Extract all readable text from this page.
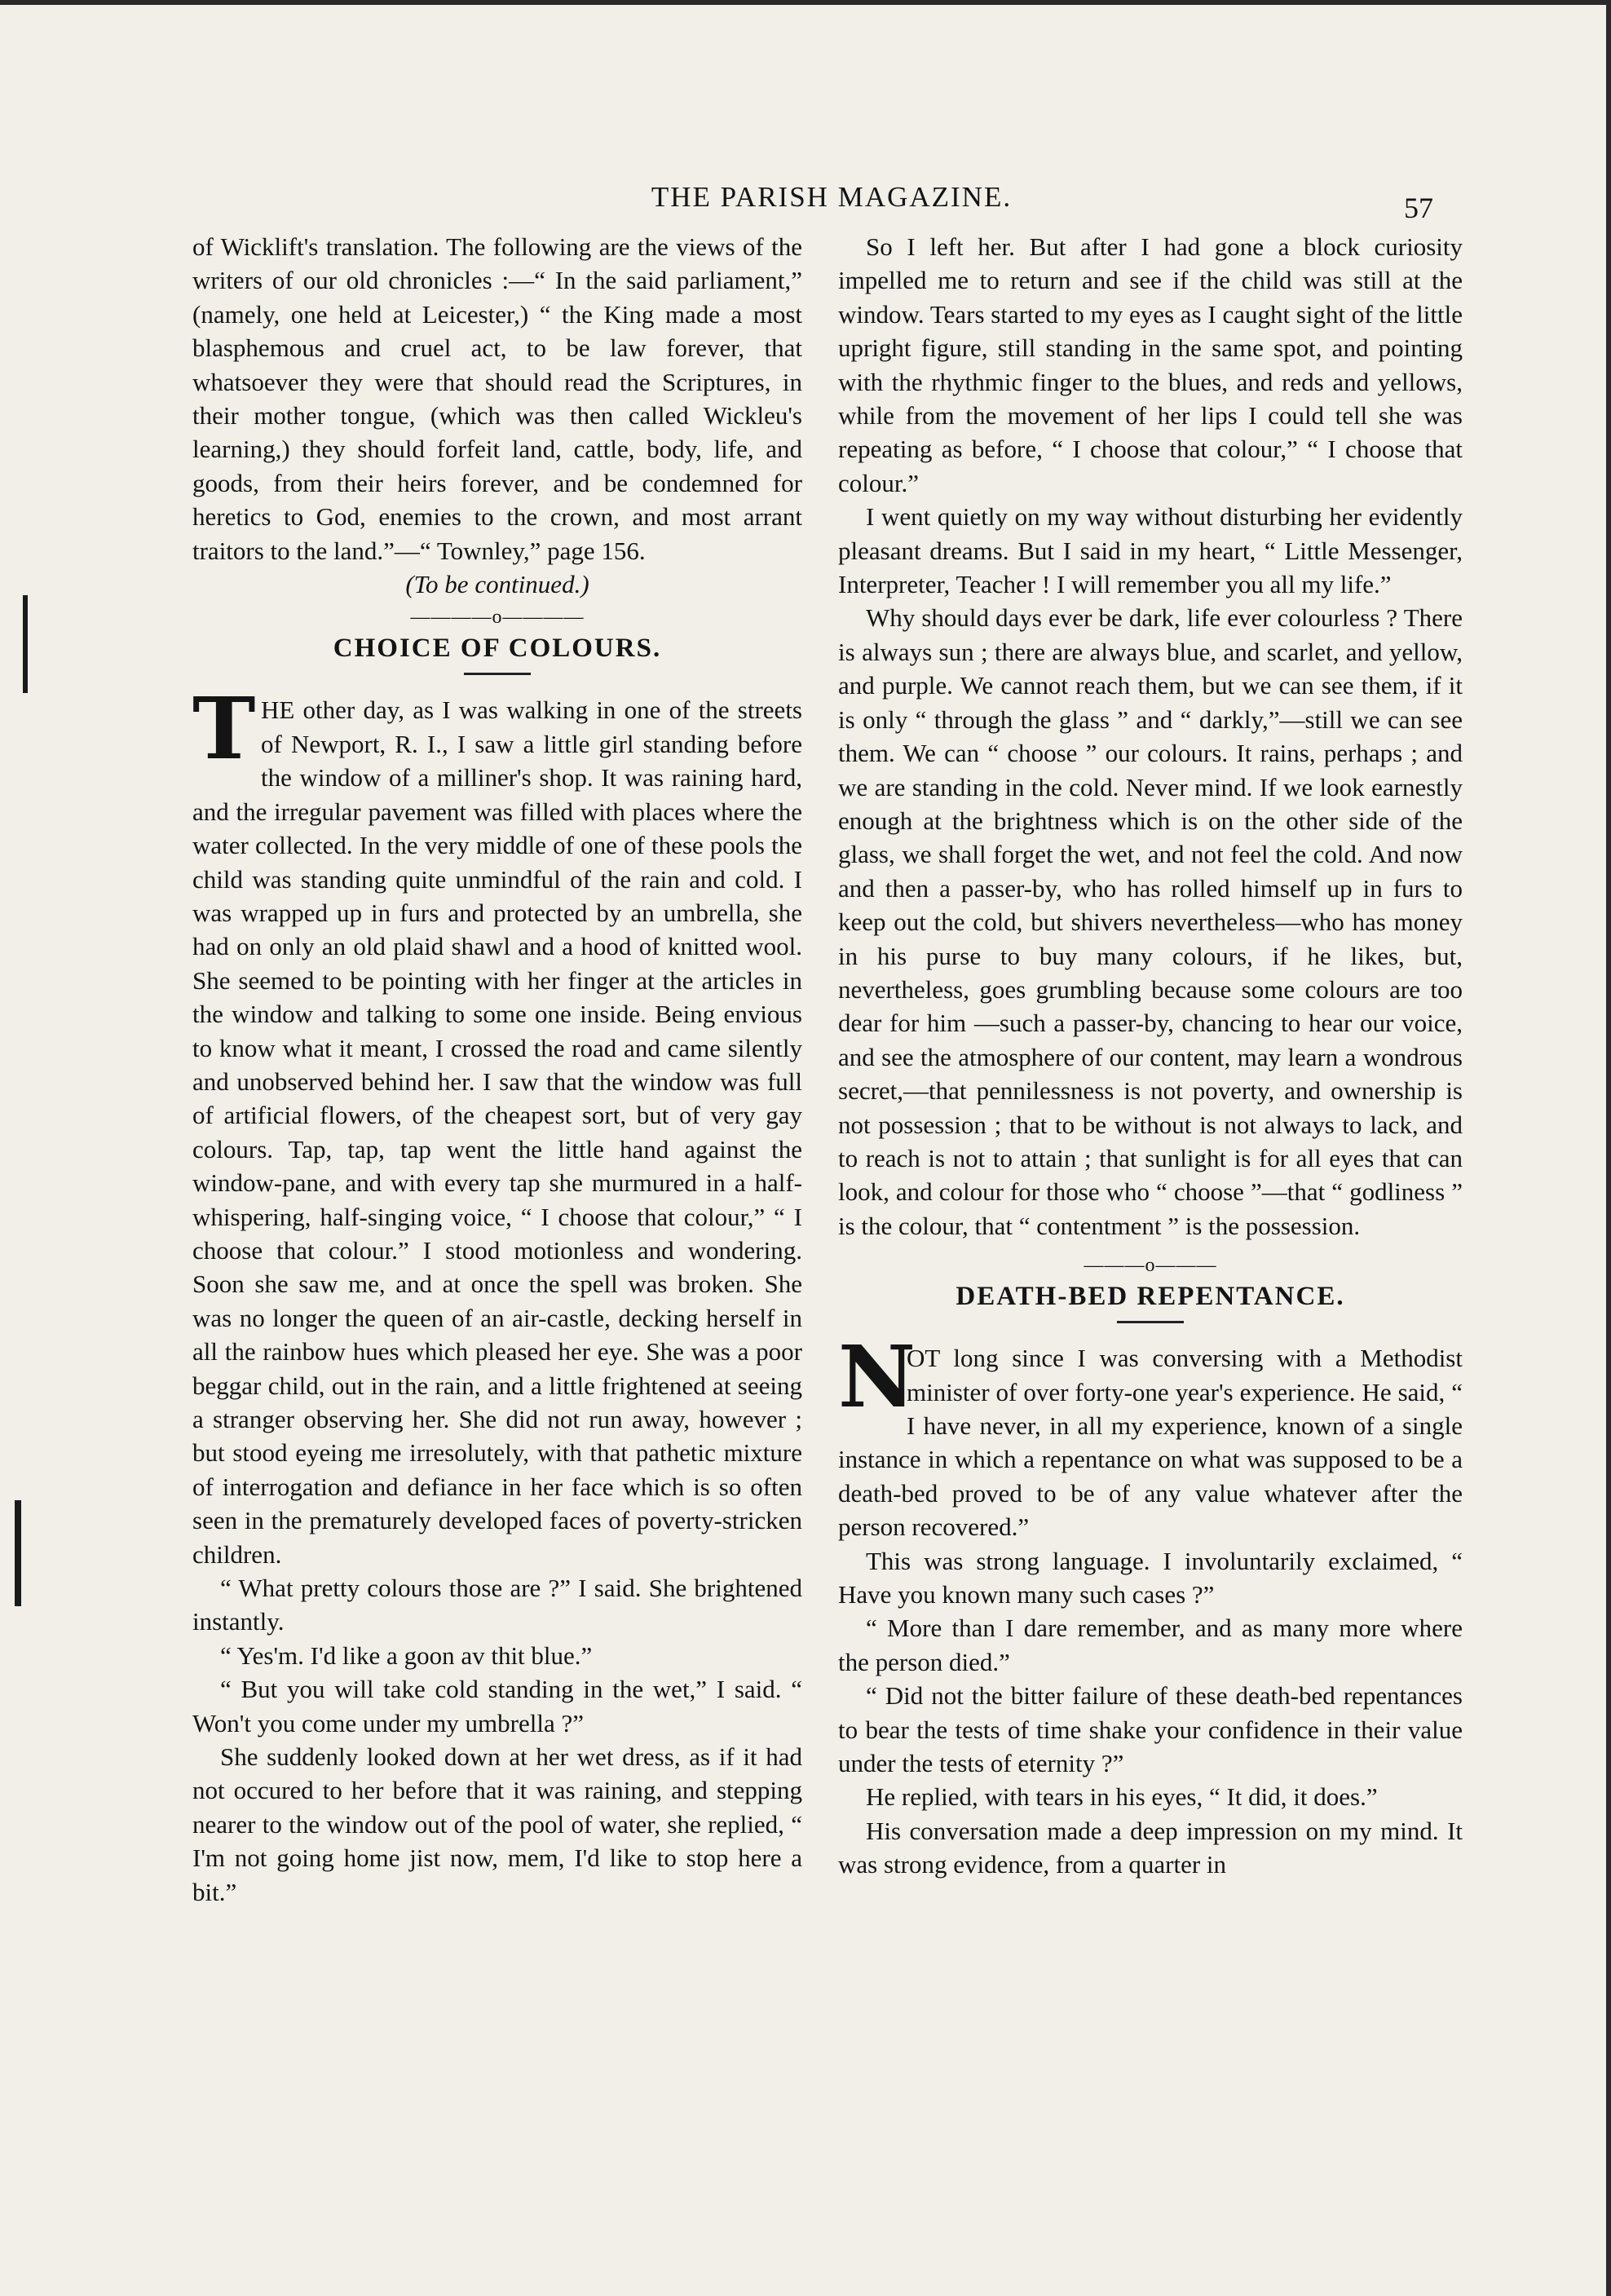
THE PARISH MAGAZINE.	57

of Wicklift's translation. The following are the views of the writers of our old chronicles :—“ In the said parliament,” (namely, one held at Leicester,) “ the King made a most blasphemous and cruel act, to be law forever, that whatsoever they were that should read the Scriptures, in their mother tongue, (which was then called Wickleu's learning,) they should forfeit land, cattle, body, life, and goods, from their heirs forever, and be condemned for heretics to God, enemies to the crown, and most arrant traitors to the land.”—“ Townley,” page 156.

(To be continued.)

————o————
CHOICE OF COLOURS.

THE other day, as I was walking in one of the streets of Newport, R. I., I saw a little girl standing before the window of a milliner's shop. It was raining hard, and the irregular pavement was filled with places where the water collected. In the very middle of one of these pools the child was standing quite unmindful of the rain and cold. I was wrapped up in furs and protected by an umbrella, she had on only an old plaid shawl and a hood of knitted wool. She seemed to be pointing with her finger at the articles in the window and talking to some one inside. Being envious to know what it meant, I crossed the road and came silently and unobserved behind her. I saw that the window was full of artificial flowers, of the cheapest sort, but of very gay colours. Tap, tap, tap went the little hand against the window-pane, and with every tap she murmured in a half-whispering, half-singing voice, “ I choose that colour,” “ I choose that colour.” I stood motionless and wondering. Soon she saw me, and at once the spell was broken. She was no longer the queen of an air-castle, decking herself in all the rainbow hues which pleased her eye. She was a poor beggar child, out in the rain, and a little frightened at seeing a stranger observing her. She did not run away, however ; but stood eyeing me irresolutely, with that pathetic mixture of interrogation and defiance in her face which is so often seen in the prematurely developed faces of poverty-stricken children.

“ What pretty colours those are ?” I said. She brightened instantly.

“ Yes'm. I'd like a goon av thit blue.”

“ But you will take cold standing in the wet,” I said. “ Won't you come under my umbrella ?”

She suddenly looked down at her wet dress, as if it had not occured to her before that it was raining, and stepping nearer to the window out of the pool of water, she replied, “ I'm not going home jist now, mem, I'd like to stop here a bit.”

So I left her. But after I had gone a block curiosity impelled me to return and see if the child was still at the window. Tears started to my eyes as I caught sight of the little upright figure, still standing in the same spot, and pointing with the rhythmic finger to the blues, and reds and yellows, while from the movement of her lips I could tell she was repeating as before, “ I choose that colour,” “ I choose that colour.”

I went quietly on my way without disturbing her evidently pleasant dreams. But I said in my heart, “ Little Messenger, Interpreter, Teacher ! I will remember you all my life.”

Why should days ever be dark, life ever colourless ? There is always sun ; there are always blue, and scarlet, and yellow, and purple. We cannot reach them, but we can see them, if it is only “ through the glass ” and “ darkly,”—still we can see them. We can “ choose ” our colours. It rains, perhaps ; and we are standing in the cold. Never mind. If we look earnestly enough at the brightness which is on the other side of the glass, we shall forget the wet, and not feel the cold. And now and then a passer-by, who has rolled himself up in furs to keep out the cold, but shivers nevertheless—who has money in his purse to buy many colours, if he likes, but, nevertheless, goes grumbling because some colours are too dear for him —such a passer-by, chancing to hear our voice, and see the atmosphere of our content, may learn a wondrous secret,—that pennilessness is not poverty, and ownership is not possession ; that to be without is not always to lack, and to reach is not to attain ; that sunlight is for all eyes that can look, and colour for those who “ choose ”—that “ godliness ” is the colour, that “ contentment ” is the possession.

———o———
DEATH-BED REPENTANCE.

N
OT long since I was conversing with a Methodist minister of over forty-one year's experience. He said, “ I have never, in all my experience, known of a single instance in which a repentance on what was supposed to be a death-bed proved to be of any value whatever after the person recovered.”

This was strong language. I involuntarily exclaimed, “ Have you known many such cases ?”

“ More than I dare remember, and as many more where the person died.”

“ Did not the bitter failure of these death-bed repentances to bear the tests of time shake your confidence in their value under the tests of eternity ?”

He replied, with tears in his eyes, “ It did, it does.”

His conversation made a deep impression on my mind. It was strong evidence, from a quarter in
